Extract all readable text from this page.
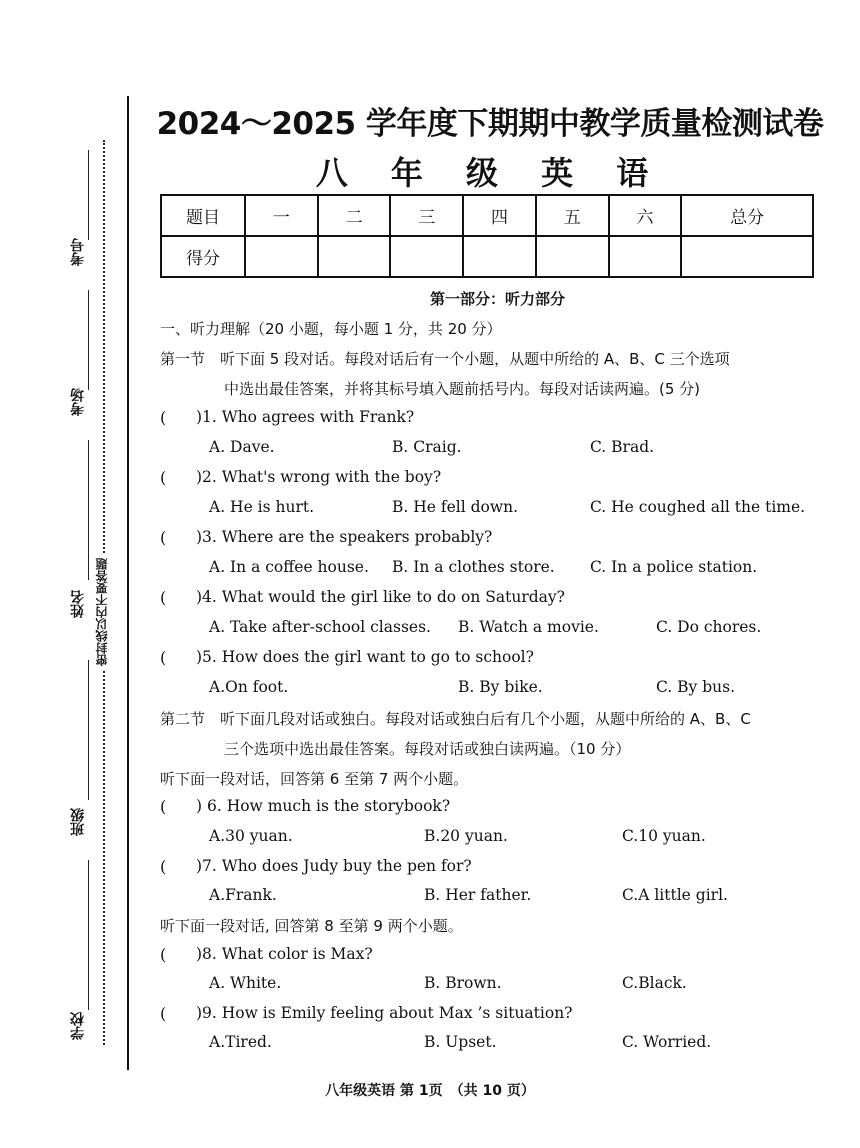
考号
考场
姓名
班级
学校
密封线以内不要答题
2024～2025 学年度下期期中教学质量检测试卷
八 年 级 英 语
题目	一	二	三	四	五	六	总分
得分							
第一部分：听力部分
一、听力理解（20 小题，每小题 1 分，共 20 分）
第一节　听下面 5 段对话。每段对话后有一个小题，从题中所给的 A、B、C 三个选项
中选出最佳答案，并将其标号填入题前括号内。每段对话读两遍。(5 分)
( )1. Who agrees with Frank?
A. Dave.	B. Craig.	C. Brad.
( )2. What's wrong with the boy?
A. He is hurt.	B. He fell down.	C. He coughed all the time.
( )3. Where are the speakers probably?
A. In a coffee house. B. In a clothes store. C. In a police station.
( )4. What would the girl like to do on Saturday?
A. Take after-school classes. B. Watch a movie.	C. Do chores.
( )5. How does the girl want to go to school?
A.On foot.	B. By bike.	C. By bus.
第二节　听下面几段对话或独白。每段对话或独白后有几个小题，从题中所给的 A、B、C
三个选项中选出最佳答案。每段对话或独白读两遍。（10 分）
听下面一段对话，回答第 6 至第 7 两个小题。
( ) 6. How much is the storybook?
A.30 yuan.	B.20 yuan.	C.10 yuan.
( )7. Who does Judy buy the pen for?
A.Frank.	B. Her father.	C.A little girl.
听下面一段对话, 回答第 8 至第 9 两个小题。
( )8. What color is Max?
A. White.	B. Brown.	C.Black.
( )9. How is Emily feeling about Max ’s situation?
A.Tired.	B. Upset.	C. Worried.
八年级英语 第 1页　（共 10 页）
